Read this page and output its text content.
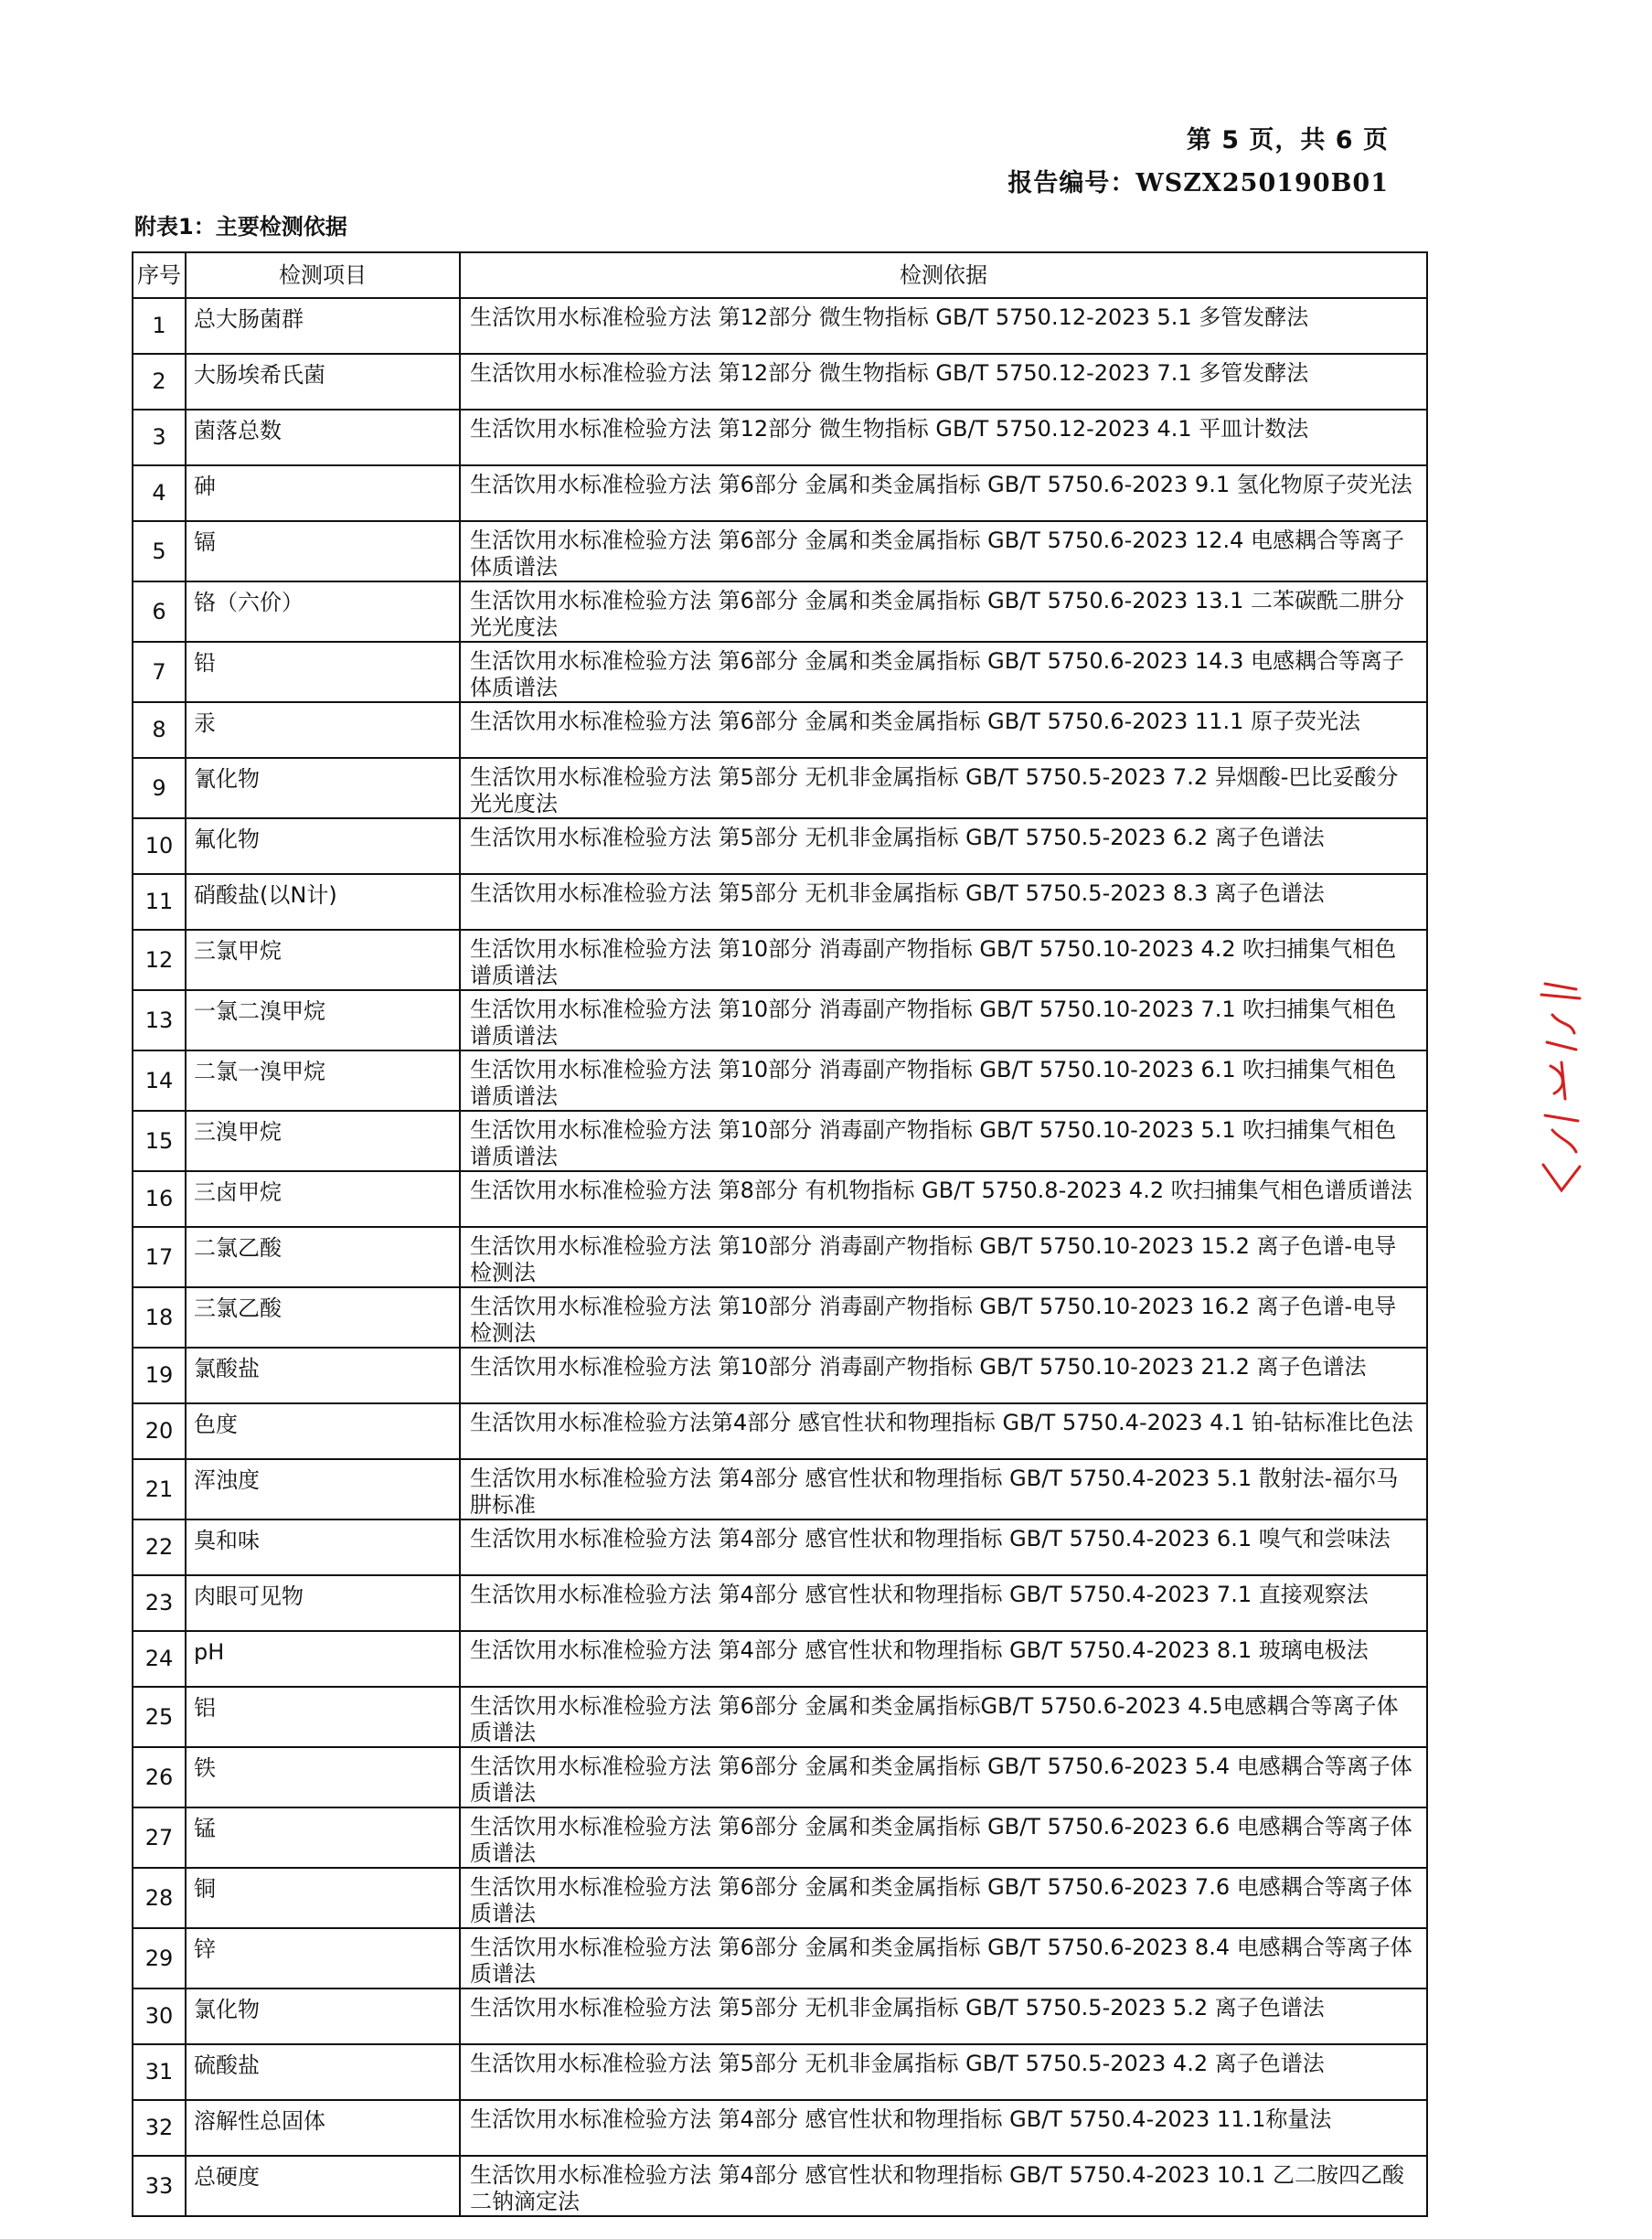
第 5 页，共 6 页
报告编号：WSZX250190B01
附表1：主要检测依据
序号	检测项目	检测依据
1	总大肠菌群	生活饮用水标准检验方法 第12部分 微生物指标 GB/T 5750.12-2023 5.1 多管发酵法
2	大肠埃希氏菌	生活饮用水标准检验方法 第12部分 微生物指标 GB/T 5750.12-2023 7.1 多管发酵法
3	菌落总数	生活饮用水标准检验方法 第12部分 微生物指标 GB/T 5750.12-2023 4.1 平皿计数法
4	砷	生活饮用水标准检验方法 第6部分 金属和类金属指标 GB/T 5750.6-2023 9.1 氢化物原子荧光法
5	镉	生活饮用水标准检验方法 第6部分 金属和类金属指标 GB/T 5750.6-2023 12.4 电感耦合等离子体质谱法
6	铬（六价）	生活饮用水标准检验方法 第6部分 金属和类金属指标 GB/T 5750.6-2023 13.1 二苯碳酰二肼分光光度法
7	铅	生活饮用水标准检验方法 第6部分 金属和类金属指标 GB/T 5750.6-2023 14.3 电感耦合等离子体质谱法
8	汞	生活饮用水标准检验方法 第6部分 金属和类金属指标 GB/T 5750.6-2023 11.1 原子荧光法
9	氰化物	生活饮用水标准检验方法 第5部分 无机非金属指标 GB/T 5750.5-2023 7.2 异烟酸-巴比妥酸分光光度法
10	氟化物	生活饮用水标准检验方法 第5部分 无机非金属指标 GB/T 5750.5-2023 6.2 离子色谱法
11	硝酸盐(以N计)	生活饮用水标准检验方法 第5部分 无机非金属指标 GB/T 5750.5-2023 8.3 离子色谱法
12	三氯甲烷	生活饮用水标准检验方法 第10部分 消毒副产物指标 GB/T 5750.10-2023 4.2 吹扫捕集气相色谱质谱法
13	一氯二溴甲烷	生活饮用水标准检验方法 第10部分 消毒副产物指标 GB/T 5750.10-2023 7.1 吹扫捕集气相色谱质谱法
14	二氯一溴甲烷	生活饮用水标准检验方法 第10部分 消毒副产物指标 GB/T 5750.10-2023 6.1 吹扫捕集气相色谱质谱法
15	三溴甲烷	生活饮用水标准检验方法 第10部分 消毒副产物指标 GB/T 5750.10-2023 5.1 吹扫捕集气相色谱质谱法
16	三卤甲烷	生活饮用水标准检验方法 第8部分 有机物指标 GB/T 5750.8-2023 4.2 吹扫捕集气相色谱质谱法
17	二氯乙酸	生活饮用水标准检验方法 第10部分 消毒副产物指标 GB/T 5750.10-2023 15.2 离子色谱-电导检测法
18	三氯乙酸	生活饮用水标准检验方法 第10部分 消毒副产物指标 GB/T 5750.10-2023 16.2 离子色谱-电导检测法
19	氯酸盐	生活饮用水标准检验方法 第10部分 消毒副产物指标 GB/T 5750.10-2023 21.2 离子色谱法
20	色度	生活饮用水标准检验方法第4部分 感官性状和物理指标 GB/T 5750.4-2023 4.1 铂-钴标准比色法
21	浑浊度	生活饮用水标准检验方法 第4部分 感官性状和物理指标 GB/T 5750.4-2023 5.1 散射法-福尔马肼标准
22	臭和味	生活饮用水标准检验方法 第4部分 感官性状和物理指标 GB/T 5750.4-2023 6.1 嗅气和尝味法
23	肉眼可见物	生活饮用水标准检验方法 第4部分 感官性状和物理指标 GB/T 5750.4-2023 7.1 直接观察法
24	pH	生活饮用水标准检验方法 第4部分 感官性状和物理指标 GB/T 5750.4-2023 8.1 玻璃电极法
25	铝	生活饮用水标准检验方法 第6部分 金属和类金属指标GB/T 5750.6-2023 4.5电感耦合等离子体质谱法
26	铁	生活饮用水标准检验方法 第6部分 金属和类金属指标 GB/T 5750.6-2023 5.4 电感耦合等离子体质谱法
27	锰	生活饮用水标准检验方法 第6部分 金属和类金属指标 GB/T 5750.6-2023 6.6 电感耦合等离子体质谱法
28	铜	生活饮用水标准检验方法 第6部分 金属和类金属指标 GB/T 5750.6-2023 7.6 电感耦合等离子体质谱法
29	锌	生活饮用水标准检验方法 第6部分 金属和类金属指标 GB/T 5750.6-2023 8.4 电感耦合等离子体质谱法
30	氯化物	生活饮用水标准检验方法 第5部分 无机非金属指标 GB/T 5750.5-2023 5.2 离子色谱法
31	硫酸盐	生活饮用水标准检验方法 第5部分 无机非金属指标 GB/T 5750.5-2023 4.2 离子色谱法
32	溶解性总固体	生活饮用水标准检验方法 第4部分 感官性状和物理指标 GB/T 5750.4-2023 11.1称量法
33	总硬度	生活饮用水标准检验方法 第4部分 感官性状和物理指标 GB/T 5750.4-2023 10.1 乙二胺四乙酸二钠滴定法
